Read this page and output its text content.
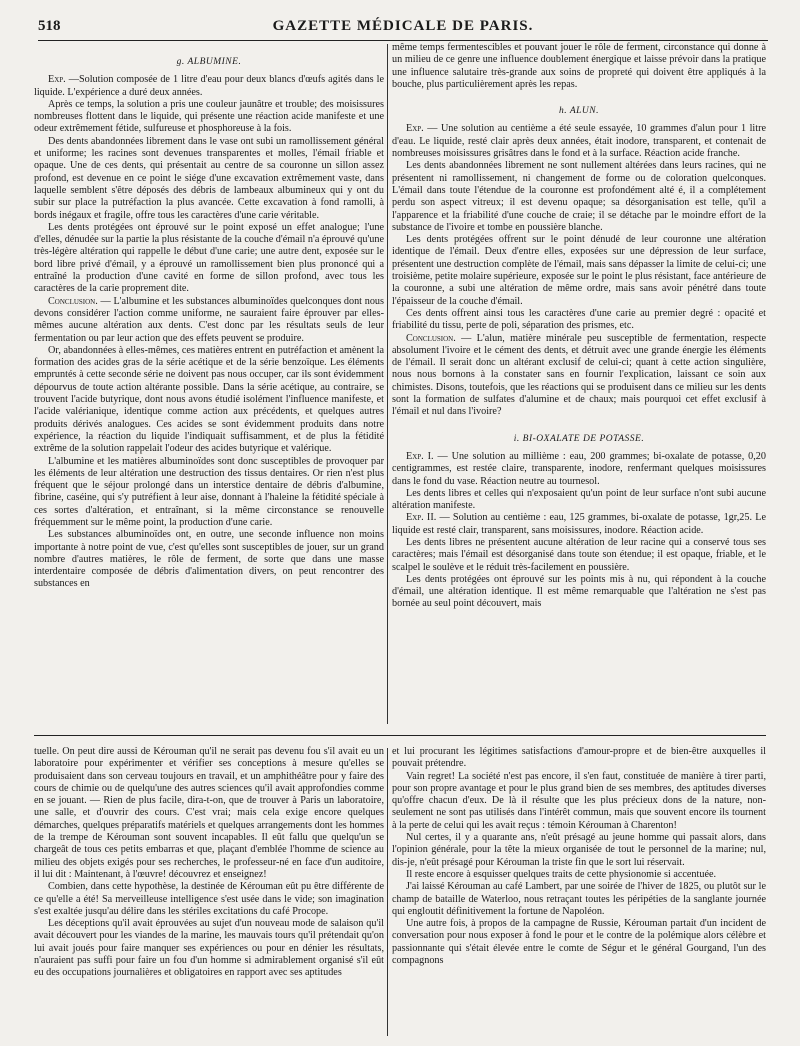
518	GAZETTE MÉDICALE DE PARIS.
g. ALBUMINE.

Exp. —Solution composée de 1 litre d'eau pour deux blancs d'œufs agités dans le liquide. L'expérience a duré deux années.

Après ce temps, la solution a pris une couleur jaunâtre et trouble; des moisissures nombreuses flottent dans le liquide, qui présente une réaction acide manifeste et une odeur extrêmement fétide, sulfureuse et phosphoreuse à la fois.

Des dents abandonnées librement dans le vase ont subi un ramollissement général et uniforme; les racines sont devenues transparentes et molles, l'émail friable et opaque. Une de ces dents, qui présentait au centre de sa couronne un sillon assez profond, est devenue en ce point le siége d'une excavation extrêmement vaste, dans laquelle semblent s'être déposés des débris de lambeaux albumineux qui y ont du subir sur place la putréfaction la plus avancée. Cette excavation à fond ramolli, à bords inégaux et fragile, offre tous les caractères d'une carie véritable.

Les dents protégées ont éprouvé sur le point exposé un effet analogue; l'une d'elles, dénudée sur la partie la plus résistante de la couche d'émail n'a éprouvé qu'une très-légère altération qui rappelle le début d'une carie; une autre dent, exposée sur le bord libre privé d'émail, y a éprouvé un ramollissement bien plus prononcé qui a entraîné la production d'une cavité en forme de sillon profond, avec tous les caractères de la carie proprement dite.

Conclusion. — L'albumine et les substances albuminoïdes quelconques dont nous devons considérer l'action comme uniforme, ne sauraient faire éprouver par elles-mêmes aucune altération aux dents. C'est donc par les résultats seuls de leur fermentation ou par leur action que des effets peuvent se produire.

Or, abandonnées à elles-mêmes, ces matières entrent en putréfaction et amènent la formation des acides gras de la série acétique et de la série benzoïque. Les éléments empruntés à cette seconde série ne doivent pas nous occuper, car ils sont évidemment dépourvus de toute action altérante possible. Dans la série acétique, au contraire, se trouvent l'acide butyrique, dont nous avons étudié isolément l'influence manifeste, et l'acide valérianique, identique comme action aux précédents, et quelques autres produits dérivés analogues. Ces acides se sont évidemment produits dans notre expérience, la réaction du liquide l'indiquait suffisamment, et de plus la fétidité extrême de la solution rappelait l'odeur des acides butyrique et valérique.

L'albumine et les matières albuminoïdes sont donc susceptibles de provoquer par les éléments de leur altération une destruction des tissus dentaires. Or rien n'est plus fréquent que le séjour prolongé dans un interstice dentaire de débris d'albumine, fibrine, caséine, qui s'y putréfient à leur aise, donnant à l'haleine la fétidité spéciale à ces sortes d'altération, et entraînant, si la même circonstance se renouvelle fréquemment sur le même point, la production d'une carie.

Les substances albuminoïdes ont, en outre, une seconde influence non moins importante à notre point de vue, c'est qu'elles sont susceptibles de jouer, sur un grand nombre d'autres matières, le rôle de ferment, de sorte que dans une masse interdentaire composée de débris d'alimentation divers, on peut rencontrer des substances en

même temps fermentescibles et pouvant jouer le rôle de ferment, circonstance qui donne à un milieu de ce genre une influence doublement énergique et laisse prévoir dans la pratique une influence salutaire très-grande aux soins de propreté qui doivent être appliqués à la bouche, plus particulièrement après les repas.

h. ALUN.

Exp. — Une solution au centième a été seule essayée, 10 grammes d'alun pour 1 litre d'eau. Le liquide, resté clair après deux années, était inodore, transparent, et contenait de nombreuses moisissures grisâtres dans le fond et à la surface. Réaction acide franche.

Les dents abandonnées librement ne sont nullement altérées dans leurs racines, qui ne présentent ni ramollissement, ni changement de forme ou de coloration quelconques. L'émail dans toute l'étendue de la couronne est profondément alté é, il a complétement perdu son aspect vitreux; il est devenu opaque; sa désorganisation est telle, qu'il a l'apparence et la friabilité d'une couche de craie; il se détache par le moindre effort de la substance de l'ivoire et tombe en poussière blanche.

Les dents protégées offrent sur le point dénudé de leur couronne une altération identique de l'émail. Deux d'entre elles, exposées sur une dépression de leur surface, présentent une destruction complète de l'émail, mais sans dépasser la limite de celui-ci; une troisième, petite molaire supérieure, exposée sur le point le plus résistant, face antérieure de la couronne, a subi une altération de même ordre, mais sans avoir pénétré dans toute l'épaisseur de la couche d'émail.

Ces dents offrent ainsi tous les caractères d'une carie au premier degré : opacité et friabilité du tissu, perte de poli, séparation des prismes, etc.

Conclusion. — L'alun, matière minérale peu susceptible de fermentation, respecte absolument l'ivoire et le cément des dents, et détruit avec une grande énergie les éléments de l'émail. Il serait donc un altérant exclusif de celui-ci; quant à cette action singulière, nous nous bornons à la constater sans en fournir l'explication, laissant ce soin aux chimistes. Disons, toutefois, que les réactions qui se produisent dans ce milieu sur les dents sont la formation de sulfates d'alumine et de chaux; mais pourquoi cet effet exclusif à l'émail et nul dans l'ivoire?

i. BI-OXALATE DE POTASSE.

Exp. I. — Une solution au millième : eau, 200 grammes; bi-oxalate de potasse, 0,20 centigrammes, est restée claire, transparente, inodore, renfermant quelques moisissures dans le fond du vase. Réaction neutre au tournesol.

Les dents libres et celles qui n'exposaient qu'un point de leur surface n'ont subi aucune altération manifeste.

Exp. II. — Solution au centième : eau, 125 grammes, bi-oxalate de potasse, 1gr,25. Le liquide est resté clair, transparent, sans moisissures, inodore. Réaction acide.

Les dents libres ne présentent aucune altération de leur racine qui a conservé tous ses caractères; mais l'émail est désorganisé dans toute son étendue; il est opaque, friable, et le scalpel le soulève et le réduit très-facilement en poussière.

Les dents protégées ont éprouvé sur les points mis à nu, qui répondent à la couche d'émail, une altération identique. Il est même remarquable que l'altération ne s'est pas bornée au seul point découvert, mais

tuelle. On peut dire aussi de Kérouman qu'il ne serait pas devenu fou s'il avait eu un laboratoire pour expérimenter et vérifier ses conceptions à mesure qu'elles se produisaient dans son cerveau toujours en travail, et un amphithéâtre pour y faire des cours de chimie ou de quelqu'une des autres sciences qu'il avait approfondies comme en se jouant. — Rien de plus facile, dira-t-on, que de trouver à Paris un laboratoire, une salle, et d'ouvrir des cours. C'est vrai; mais cela exige encore quelques démarches, quelques préparatifs matériels et quelques arrangements dont les hommes de la trempe de Kérouman sont souvent incapables. Il eût fallu que quelqu'un se chargeât de tous ces petits embarras et que, plaçant d'emblée l'homme de science au milieu des objets exigés pour ses recherches, le professeur-né en face d'un auditoire, il lui dit : Maintenant, à l'œuvre! découvrez et enseignez!

Combien, dans cette hypothèse, la destinée de Kérouman eût pu être différente de ce qu'elle a été! Sa merveilleuse intelligence s'est usée dans le vide; son imagination s'est exaltée jusqu'au délire dans les stériles excitations du café Procope.

Les déceptions qu'il avait éprouvées au sujet d'un nouveau mode de salaison qu'il avait découvert pour les viandes de la marine, les mauvais tours qu'il prétendait qu'on lui avait joués pour faire manquer ses expériences ou pour en dénier les résultats, n'auraient pas suffi pour faire un fou d'un homme si admirablement organisé s'il eût eu des occupations journalières et obligatoires en rapport avec ses aptitudes

et lui procurant les légitimes satisfactions d'amour-propre et de bien-être auxquelles il pouvait prétendre.

Vain regret! La société n'est pas encore, il s'en faut, constituée de manière à tirer parti, pour son propre avantage et pour le plus grand bien de ses membres, des aptitudes diverses qu'offre chacun d'eux. De là il résulte que les plus précieux dons de la nature, non-seulement ne sont pas utilisés dans l'intérêt commun, mais que souvent encore ils tournent à la perte de celui qui les avait reçus : témoin Kérouman à Charenton!

Nul certes, il y a quarante ans, n'eût présagé au jeune homme qui passait alors, dans l'opinion générale, pour la tête la mieux organisée de tout le personnel de la marine; nul, dis-je, n'eût présagé pour Kérouman la triste fin que le sort lui réservait.

Il reste encore à esquisser quelques traits de cette physionomie si accentuée.

J'ai laissé Kérouman au café Lambert, par une soirée de l'hiver de 1825, ou plutôt sur le champ de bataille de Waterloo, nous retraçant toutes les péripéties de la sanglante journée qui engloutit définitivement la fortune de Napoléon.

Une autre fois, à propos de la campagne de Russie, Kérouman partait d'un incident de conversation pour nous exposer à fond le pour et le contre de la polémique alors célèbre et passionnante qui s'était élevée entre le comte de Ségur et le général Gourgand, l'un des compagnons
